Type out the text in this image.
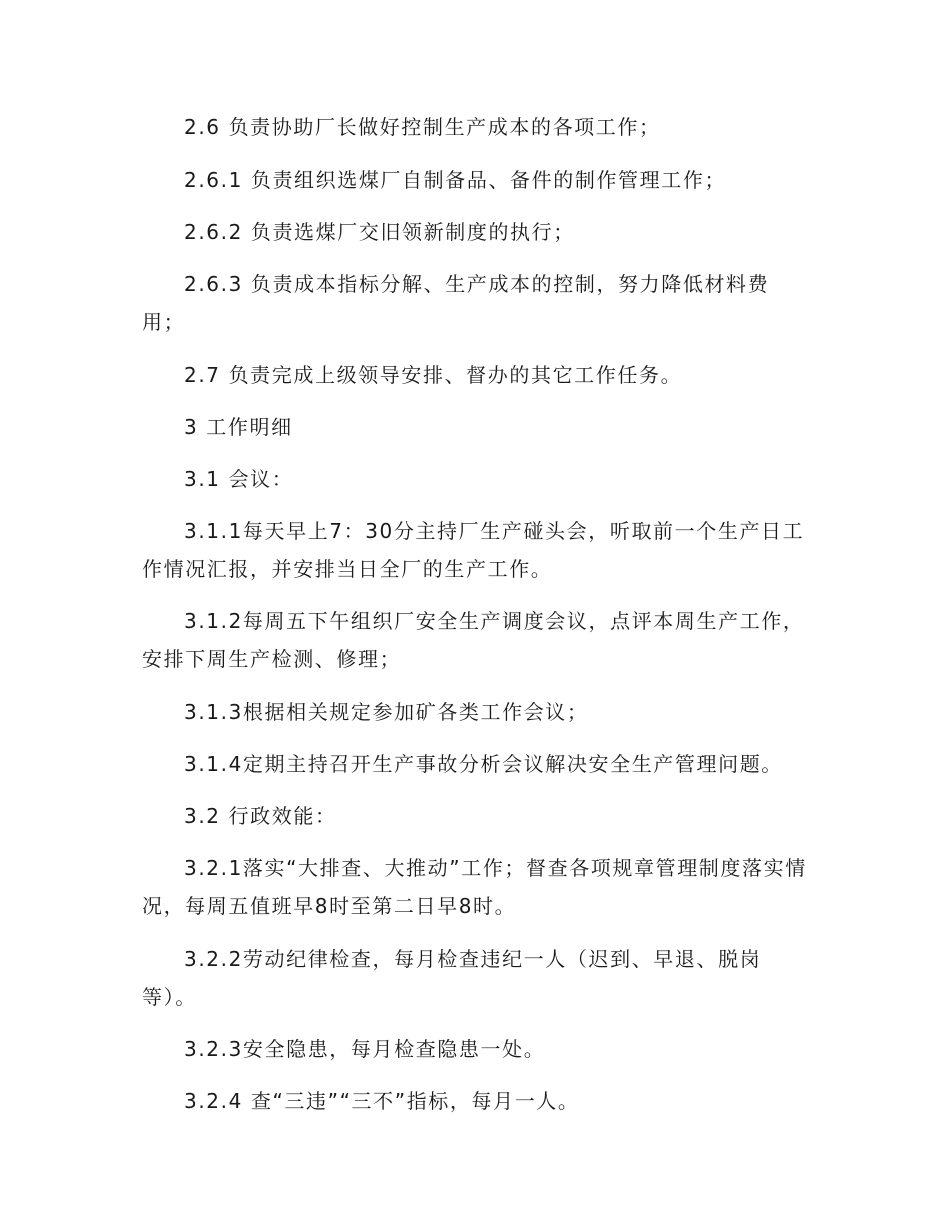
2.6 负责协助厂长做好控制生产成本的各项工作；

2.6.1 负责组织选煤厂自制备品、备件的制作管理工作；

2.6.2 负责选煤厂交旧领新制度的执行；

2.6.3 负责成本指标分解、生产成本的控制，努力降低材料费用；

2.7 负责完成上级领导安排、督办的其它工作任务。

3 工作明细

3.1 会议：

3.1.1每天早上7：30分主持厂生产碰头会，听取前一个生产日工作情况汇报，并安排当日全厂的生产工作。

3.1.2每周五下午组织厂安全生产调度会议，点评本周生产工作，安排下周生产检测、修理；

3.1.3根据相关规定参加矿各类工作会议；

3.1.4定期主持召开生产事故分析会议解决安全生产管理问题。

3.2 行政效能：

3.2.1落实“大排查、大推动”工作；督查各项规章管理制度落实情况，每周五值班早8时至第二日早8时。

3.2.2劳动纪律检查，每月检查违纪一人（迟到、早退、脱岗等）。

3.2.3安全隐患，每月检查隐患一处。

3.2.4 查“三违”“三不”指标，每月一人。
